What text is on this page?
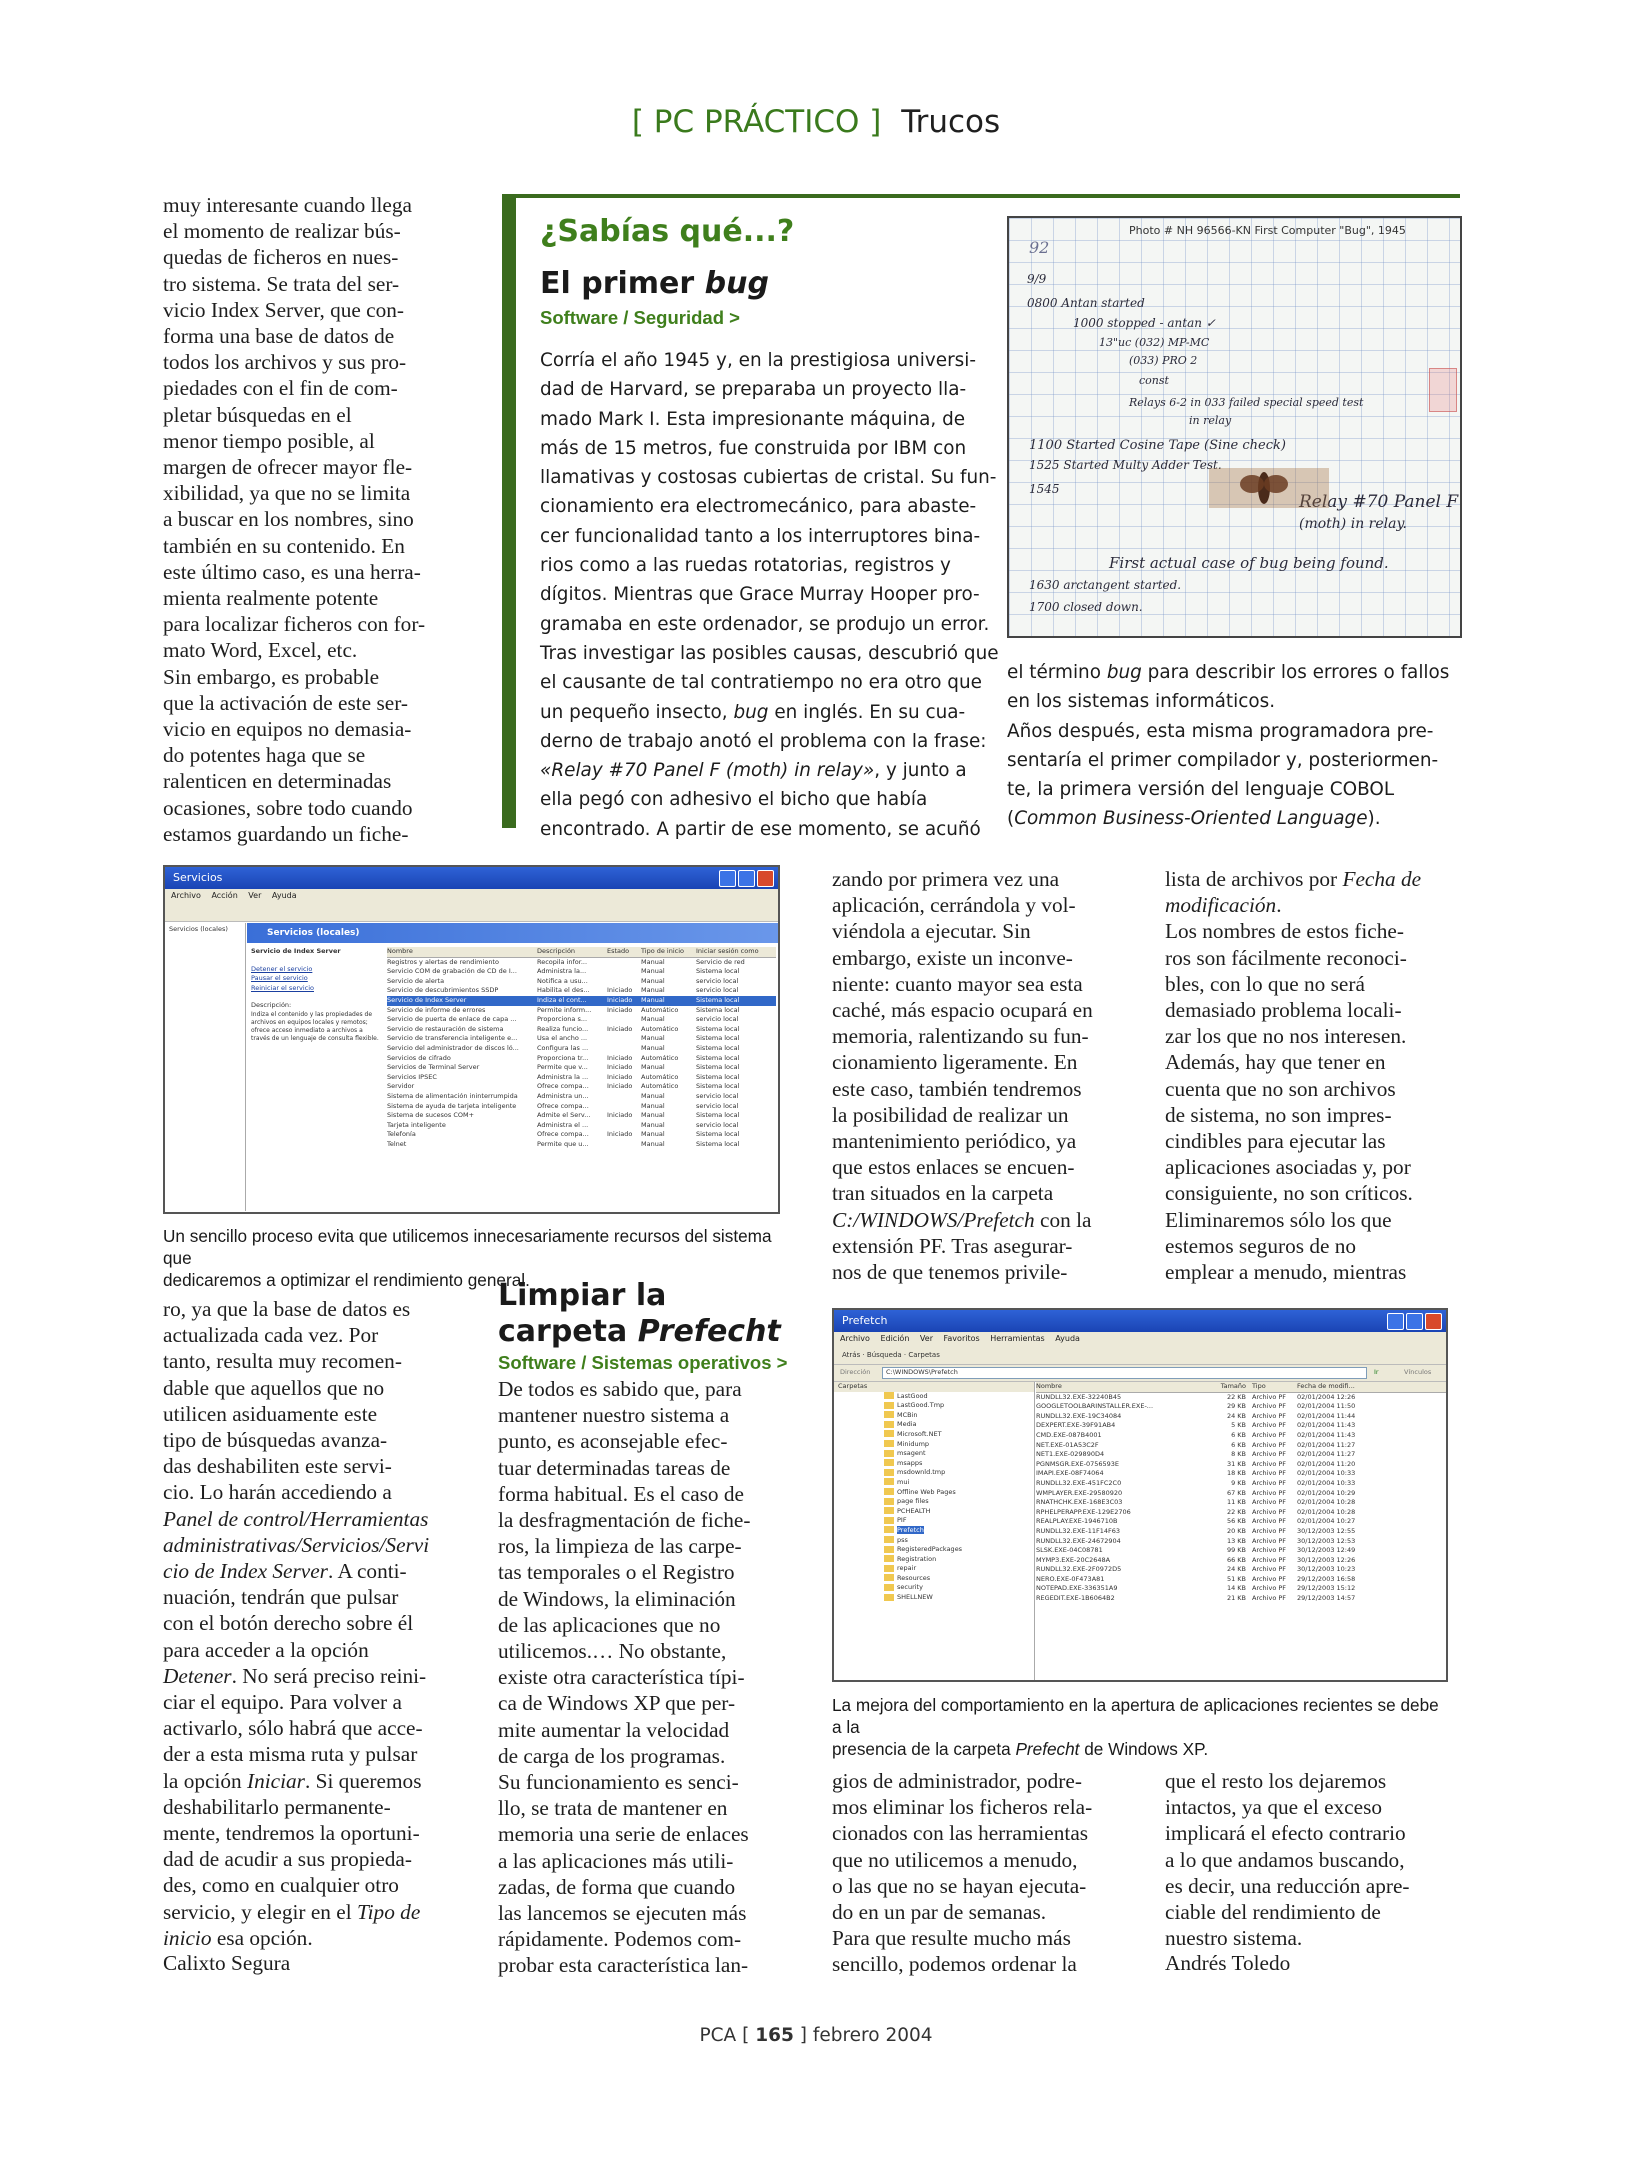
[ PC PRÁCTICO ] Trucos

muy interesante cuando llega

el momento de realizar bús-

quedas de ficheros en nues-

tro sistema. Se trata del ser-

vicio Index Server, que con-

forma una base de datos de

todos los archivos y sus pro-

piedades con el fin de com-

pletar búsquedas en el

menor tiempo posible, al

margen de ofrecer mayor fle-

xibilidad, ya que no se limita

a buscar en los nombres, sino

también en su contenido. En

este último caso, es una herra-

mienta realmente potente

para localizar ficheros con for-

mato Word, Excel, etc.

Sin embargo, es probable

que la activación de este ser-

vicio en equipos no demasia-

do potentes haga que se

ralenticen en determinadas

ocasiones, sobre todo cuando

estamos guardando un fiche-

¿Sabías qué...?
El primer bug
Software / Seguridad >

Corría el año 1945 y, en la prestigiosa universi-

dad de Harvard, se preparaba un proyecto lla-

mado Mark I. Esta impresionante máquina, de

más de 15 metros, fue construida por IBM con

llamativas y costosas cubiertas de cristal. Su fun-

cionamiento era electromecánico, para abaste-

cer funcionalidad tanto a los interruptores bina-

rios como a las ruedas rotatorias, registros y

dígitos. Mientras que Grace Murray Hooper pro-

gramaba en este ordenador, se produjo un error.

Tras investigar las posibles causas, descubrió que

el causante de tal contratiempo no era otro que

un pequeño insecto, bug en inglés. En su cua-

derno de trabajo anotó el problema con la frase:

«Relay #70 Panel F (moth) in relay», y junto a

ella pegó con adhesivo el bicho que había

encontrado. A partir de ese momento, se acuñó

Photo # NH 96566-KN First Computer "Bug", 1945
92
9/9
0800 Antan started
1000 stopped - antan ✓
13"uc (032) MP-MC
(033) PRO 2
const
Relays 6-2 in 033 failed special speed test
in relay
1100 Started Cosine Tape (Sine check)
1525 Started Multy Adder Test.
1545
Relay #70 Panel F
(moth) in relay.
First actual case of bug being found.
1630 arctangent started.
1700 closed down.

el término bug para describir los errores o fallos

en los sistemas informáticos.

Años después, esta misma programadora pre-

sentaría el primer compilador y, posteriormen-

te, la primera versión del lenguaje COBOL

(Common Business-Oriented Language).

Servicios
Archivo Acción Ver Ayuda
Servicios (locales)	Servicios (locales)
Servicio de Index Server
Detener el servicio
Pausar el servicio
Reiniciar el servicio
Descripción:
Indiza el contenido y las propiedades de archivos en equipos locales y remotos; ofrece acceso inmediato a archivos a través de un lenguaje de consulta flexible.
Nombre	Descripción	Estado Tipo de inicio Iniciar sesión como
Registros y alertas de rendimiento	Recopila infor...	Manual	Servicio de red
Servicio COM de grabación de CD de I...	Administra la...	Manual	Sistema local
Servicio de alerta	Notifica a usu...	Manual	servicio local
Servicio de descubrimientos SSDP	Habilita el des...	Iniciado Manual	servicio local
Servicio de Index Server	Indiza el cont...	Iniciado Manual	Sistema local
Servicio de informe de errores	Permite inform... Iniciado Automático	Sistema local
Servicio de puerta de enlace de capa ...	Proporciona s...	Manual	servicio local
Servicio de restauración de sistema	Realiza funcio...	Iniciado Automático	Sistema local
Servicio de transferencia inteligente e...	Usa el ancho ...	Manual	Sistema local
Servicio del administrador de discos ló...	Configura las ...	Manual	Sistema local
Servicios de cifrado	Proporciona tr...	Iniciado Automático	Sistema local
Servicios de Terminal Server	Permite que v...	Iniciado Manual	Sistema local
Servicios IPSEC	Administra la ...	Iniciado Automático	Sistema local
Servidor	Ofrece compa...	Iniciado Automático	Sistema local
Sistema de alimentación ininterrumpida	Administra un...	Manual	servicio local
Sistema de ayuda de tarjeta inteligente	Ofrece compa...	Manual	servicio local
Sistema de sucesos COM+	Admite el Serv...	Iniciado Manual	Sistema local
Tarjeta inteligente	Administra el ...	Manual	servicio local
Telefonía	Ofrece compa...	Iniciado Manual	Sistema local
Telnet	Permite que u...	Manual	Sistema local
Un sencillo proceso evita que utilicemos innecesariamente recursos del sistema que
dedicaremos a optimizar el rendimiento general.

zando por primera vez una

aplicación, cerrándola y vol-

viéndola a ejecutar. Sin

embargo, existe un inconve-

niente: cuanto mayor sea esta

caché, más espacio ocupará en

memoria, ralentizando su fun-

cionamiento ligeramente. En

este caso, también tendremos

la posibilidad de realizar un

mantenimiento periódico, ya

que estos enlaces se encuen-

tran situados en la carpeta

C:/WINDOWS/Prefetch con la

extensión PF. Tras asegurar-

nos de que tenemos privile-

lista de archivos por Fecha de

modificación.

Los nombres de estos fiche-

ros son fácilmente reconoci-

bles, con lo que no será

demasiado problema locali-

zar los que no nos interesen.

Además, hay que tener en

cuenta que no son archivos

de sistema, no son impres-

cindibles para ejecutar las

aplicaciones asociadas y, por

consiguiente, no son críticos.

Eliminaremos sólo los que

estemos seguros de no

emplear a menudo, mientras

ro, ya que la base de datos es

actualizada cada vez. Por

tanto, resulta muy recomen-

dable que aquellos que no

utilicen asiduamente este

tipo de búsquedas avanza-

das deshabiliten este servi-

cio. Lo harán accediendo a

Panel de control/Herramientas

administrativas/Servicios/Servi

cio de Index Server. A conti-

nuación, tendrán que pulsar

con el botón derecho sobre él

para acceder a la opción

Detener. No será preciso reini-

ciar el equipo. Para volver a

activarlo, sólo habrá que acce-

der a esta misma ruta y pulsar

la opción Iniciar. Si queremos

deshabilitarlo permanente-

mente, tendremos la oportuni-

dad de acudir a sus propieda-

des, como en cualquier otro

servicio, y elegir en el Tipo de

inicio esa opción.

Calixto Segura
Limpiar la
carpeta Prefecht
Software / Sistemas operativos >

De todos es sabido que, para

mantener nuestro sistema a

punto, es aconsejable efec-

tuar determinadas tareas de

forma habitual. Es el caso de

la desfragmentación de fiche-

ros, la limpieza de las carpe-

tas temporales o el Registro

de Windows, la eliminación

de las aplicaciones que no

utilicemos.… No obstante,

existe otra característica típi-

ca de Windows XP que per-

mite aumentar la velocidad

de carga de los programas.

Su funcionamiento es senci-

llo, se trata de mantener en

memoria una serie de enlaces

a las aplicaciones más utili-

zadas, de forma que cuando

las lancemos se ejecuten más

rápidamente. Podemos com-

probar esta característica lan-

Prefetch
Archivo Edición Ver Favoritos Herramientas Ayuda
Atrás · Búsqueda · Carpetas
Dirección	C:\WINDOWS\Prefetch	Ir	Vínculos
Carpetas
LastGood
LastGood.Tmp
MCBin
Media
Microsoft.NET
Minidump
msagent
msapps
msdownld.tmp
mui
Offline Web Pages
page files
PCHEALTH
PIF
Prefetch
pss
RegisteredPackages
Registration
repair
Resources
security
SHELLNEW
Nombre	Tamaño Tipo	Fecha de modifi...
RUNDLL32.EXE-32240B45	22 KB Archivo PF 02/01/2004 12:26
GOOGLETOOLBARINSTALLER.EXE-...	29 KB Archivo PF 02/01/2004 11:50
RUNDLL32.EXE-19C34084	24 KB Archivo PF 02/01/2004 11:44
DEXPERT.EXE-39F91AB4	5 KB Archivo PF 02/01/2004 11:43
CMD.EXE-087B4001	6 KB Archivo PF 02/01/2004 11:43
NET.EXE-01A53C2F	6 KB Archivo PF 02/01/2004 11:27
NET1.EXE-029890D4	8 KB Archivo PF 02/01/2004 11:27
PGNMSGR.EXE-0756593E	31 KB Archivo PF 02/01/2004 11:20
IMAPI.EXE-08F74064	18 KB Archivo PF 02/01/2004 10:33
RUNDLL32.EXE-451FC2C0	9 KB Archivo PF 02/01/2004 10:33
WMPLAYER.EXE-29580920	67 KB Archivo PF 02/01/2004 10:29
RNATHCHK.EXE-168E3C03	11 KB Archivo PF 02/01/2004 10:28
RPHELPERAPP.EXE-129E2706	22 KB Archivo PF 02/01/2004 10:28
REALPLAY.EXE-1946710B	56 KB Archivo PF 02/01/2004 10:27
RUNDLL32.EXE-11F14F63	20 KB Archivo PF 30/12/2003 12:55
RUNDLL32.EXE-24672904	13 KB Archivo PF 30/12/2003 12:53
SLSK.EXE-04C08781	99 KB Archivo PF 30/12/2003 12:49
MYMP3.EXE-20C2648A	66 KB Archivo PF 30/12/2003 12:26
RUNDLL32.EXE-2F0972D5	24 KB Archivo PF 30/12/2003 10:23
NERO.EXE-0F473A81	51 KB Archivo PF 29/12/2003 16:58
NOTEPAD.EXE-336351A9	14 KB Archivo PF 29/12/2003 15:12
REGEDIT.EXE-1B6064B2	21 KB Archivo PF 29/12/2003 14:57
La mejora del comportamiento en la apertura de aplicaciones recientes se debe a la
presencia de la carpeta Prefecht de Windows XP.

gios de administrador, podre-

mos eliminar los ficheros rela-

cionados con las herramientas

que no utilicemos a menudo,

o las que no se hayan ejecuta-

do en un par de semanas.

Para que resulte mucho más

sencillo, podemos ordenar la

que el resto los dejaremos

intactos, ya que el exceso

implicará el efecto contrario

a lo que andamos buscando,

es decir, una reducción apre-

ciable del rendimiento de

nuestro sistema.

Andrés Toledo
PCA [ 165 ] febrero 2004
